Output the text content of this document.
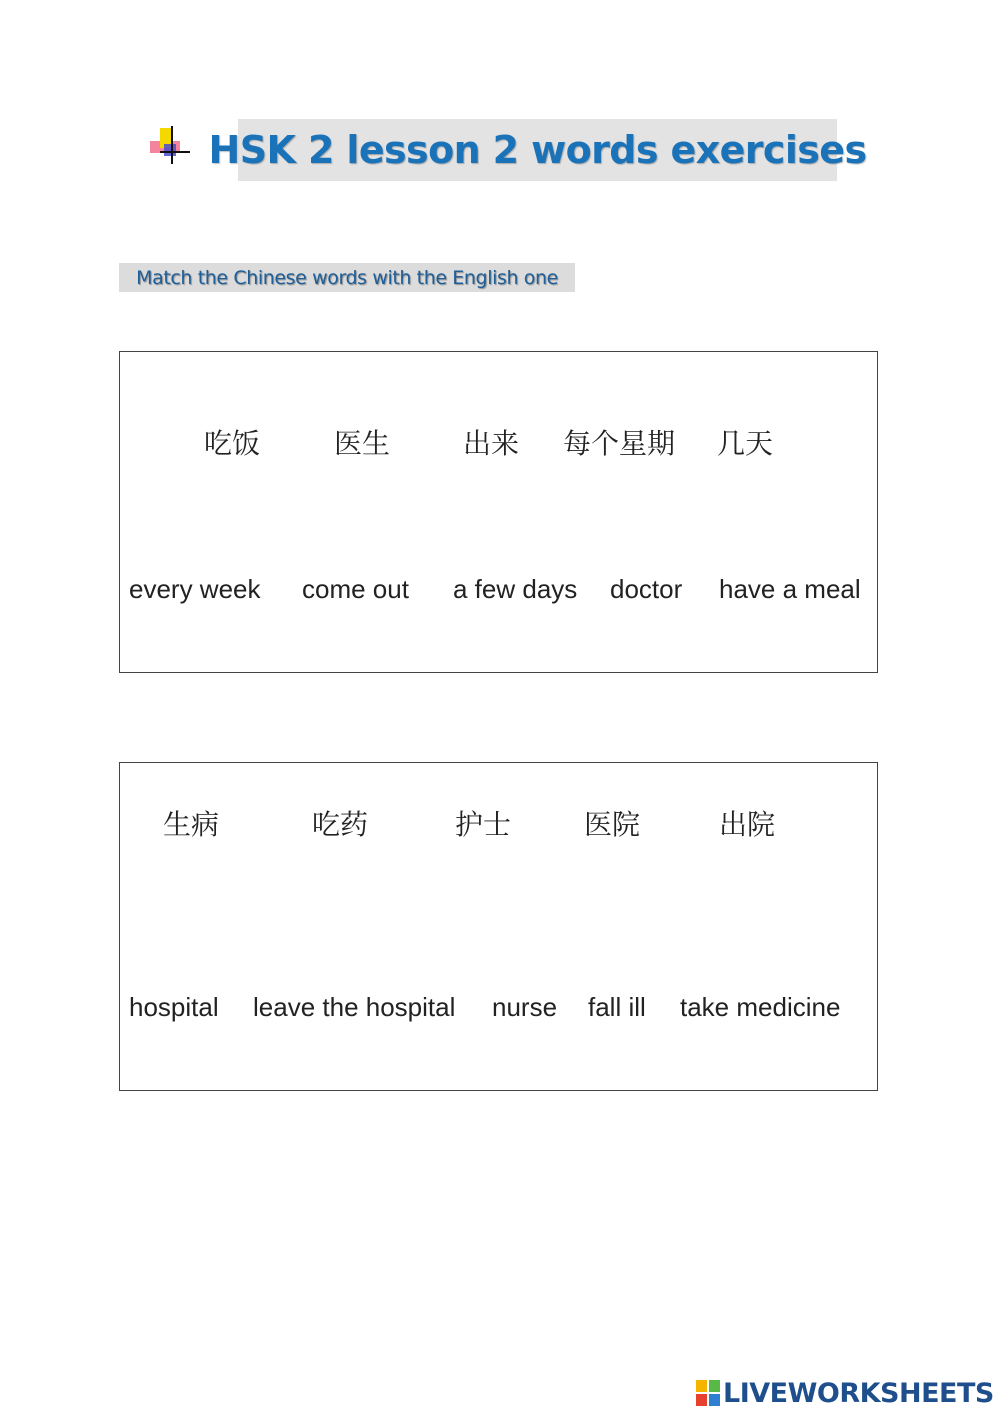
HSK 2 lesson 2 words exercises
Match the Chinese words with the English one
吃饭	医生	出来 每个星期 几天
every week come out a few days doctor have a meal
生病	吃药	护士	医院	出院
hospital leave the hospital nurse fall ill take medicine
LIVEWORKSHEETS
